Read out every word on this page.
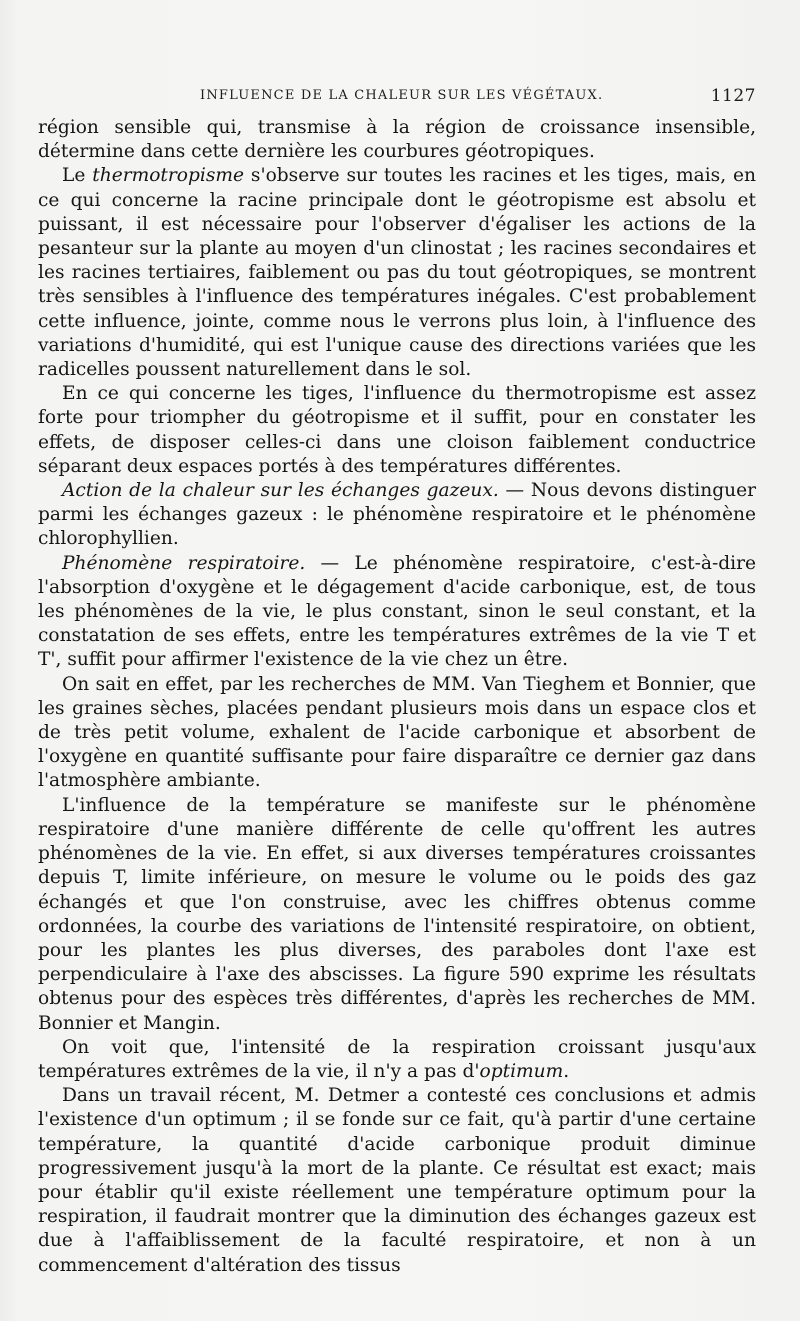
INFLUENCE DE LA CHALEUR SUR LES VÉGÉTAUX.	1127

région sensible qui, transmise à la région de croissance insensible, détermine dans cette dernière les courbures géotropiques.

Le thermotropisme s'observe sur toutes les racines et les tiges, mais, en ce qui concerne la racine principale dont le géotropisme est absolu et puissant, il est nécessaire pour l'observer d'égaliser les actions de la pesanteur sur la plante au moyen d'un clinostat ; les racines secondaires et les racines tertiaires, faiblement ou pas du tout géotropiques, se montrent très sensibles à l'influence des températures inégales. C'est probablement cette influence, jointe, comme nous le verrons plus loin, à l'influence des variations d'humidité, qui est l'unique cause des directions variées que les radicelles poussent naturellement dans le sol.

En ce qui concerne les tiges, l'influence du thermotropisme est assez forte pour triompher du géotropisme et il suffit, pour en constater les effets, de disposer celles-ci dans une cloison faiblement conductrice séparant deux espaces portés à des températures différentes.

Action de la chaleur sur les échanges gazeux. — Nous devons distinguer parmi les échanges gazeux : le phénomène respiratoire et le phénomène chlorophyllien.

Phénomène respiratoire. — Le phénomène respiratoire, c'est-à-dire l'absorption d'oxygène et le dégagement d'acide carbonique, est, de tous les phénomènes de la vie, le plus constant, sinon le seul constant, et la constatation de ses effets, entre les températures extrêmes de la vie T et T', suffit pour affirmer l'existence de la vie chez un être.

On sait en effet, par les recherches de MM. Van Tieghem et Bonnier, que les graines sèches, placées pendant plusieurs mois dans un espace clos et de très petit volume, exhalent de l'acide carbonique et absorbent de l'oxygène en quantité suffisante pour faire disparaître ce dernier gaz dans l'atmosphère ambiante.

L'influence de la température se manifeste sur le phénomène respiratoire d'une manière différente de celle qu'offrent les autres phénomènes de la vie. En effet, si aux diverses températures croissantes depuis T, limite inférieure, on mesure le volume ou le poids des gaz échangés et que l'on construise, avec les chiffres obtenus comme ordonnées, la courbe des variations de l'intensité respiratoire, on obtient, pour les plantes les plus diverses, des paraboles dont l'axe est perpendiculaire à l'axe des abscisses. La figure 590 exprime les résultats obtenus pour des espèces très différentes, d'après les recherches de MM. Bonnier et Mangin.

On voit que, l'intensité de la respiration croissant jusqu'aux températures extrêmes de la vie, il n'y a pas d'optimum.

Dans un travail récent, M. Detmer a contesté ces conclusions et admis l'existence d'un optimum ; il se fonde sur ce fait, qu'à partir d'une certaine température, la quantité d'acide carbonique produit diminue progressivement jusqu'à la mort de la plante. Ce résultat est exact; mais pour établir qu'il existe réellement une température optimum pour la respiration, il faudrait montrer que la diminution des échanges gazeux est due à l'affaiblissement de la faculté respiratoire, et non à un commencement d'altération des tissus
